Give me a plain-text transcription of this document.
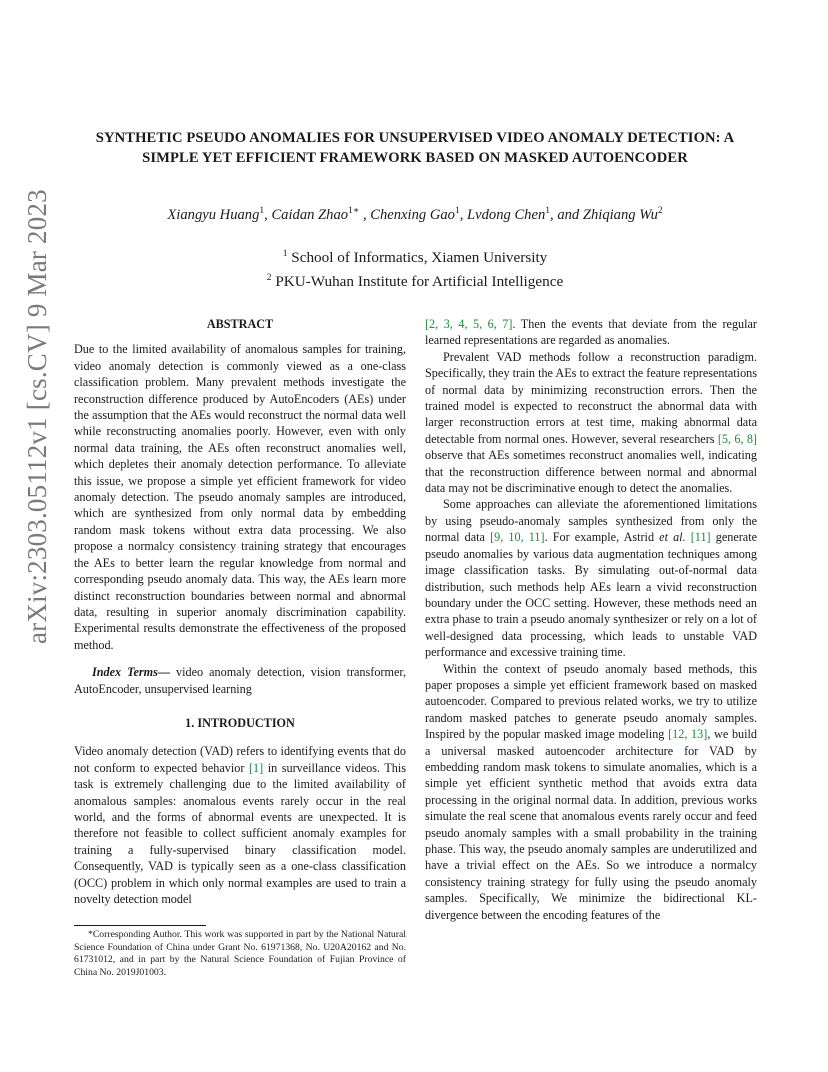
arXiv:2303.05112v1 [cs.CV] 9 Mar 2023
SYNTHETIC PSEUDO ANOMALIES FOR UNSUPERVISED VIDEO ANOMALY DETECTION: A SIMPLE YET EFFICIENT FRAMEWORK BASED ON MASKED AUTOENCODER
Xiangyu Huang$^1$, Caidan Zhao$^{1∗}$ , Chenxing Gao$^1$, Lvdong Chen$^1$, and Zhiqiang Wu$^2$
$^1$ School of Informatics, Xiamen University
$^2$ PKU-Wuhan Institute for Artificial Intelligence
ABSTRACT

Due to the limited availability of anomalous samples for training, video anomaly detection is commonly viewed as a one-class classification problem. Many prevalent methods investigate the reconstruction difference produced by AutoEncoders (AEs) under the assumption that the AEs would reconstruct the normal data well while reconstructing anomalies poorly. However, even with only normal data training, the AEs often reconstruct anomalies well, which depletes their anomaly detection performance. To alleviate this issue, we propose a simple yet efficient framework for video anomaly detection. The pseudo anomaly samples are introduced, which are synthesized from only normal data by embedding random mask tokens without extra data processing. We also propose a normalcy consistency training strategy that encourages the AEs to better learn the regular knowledge from normal and corresponding pseudo anomaly data. This way, the AEs learn more distinct reconstruction boundaries between normal and abnormal data, resulting in superior anomaly discrimination capability. Experimental results demonstrate the effectiveness of the proposed method.

Index Terms— video anomaly detection, vision transformer, AutoEncoder, unsupervised learning

1. INTRODUCTION

Video anomaly detection (VAD) refers to identifying events that do not conform to expected behavior [1] in surveillance videos. This task is extremely challenging due to the limited availability of anomalous samples: anomalous events rarely occur in the real world, and the forms of abnormal events are unexpected. It is therefore not feasible to collect sufficient anomaly examples for training a fully-supervised binary classification model. Consequently, VAD is typically seen as a one-class classification (OCC) problem in which only normal examples are used to train a novelty detection model

[2, 3, 4, 5, 6, 7]. Then the events that deviate from the regular learned representations are regarded as anomalies.

Prevalent VAD methods follow a reconstruction paradigm. Specifically, they train the AEs to extract the feature representations of normal data by minimizing reconstruction errors. Then the trained model is expected to reconstruct the abnormal data with larger reconstruction errors at test time, making abnormal data detectable from normal ones. However, several researchers [5, 6, 8] observe that AEs sometimes reconstruct anomalies well, indicating that the reconstruction difference between normal and abnormal data may not be discriminative enough to detect the anomalies.

Some approaches can alleviate the aforementioned limitations by using pseudo-anomaly samples synthesized from only the normal data [9, 10, 11]. For example, Astrid et al. [11] generate pseudo anomalies by various data augmentation techniques among image classification tasks. By simulating out-of-normal data distribution, such methods help AEs learn a vivid reconstruction boundary under the OCC setting. However, these methods need an extra phase to train a pseudo anomaly synthesizer or rely on a lot of well-designed data processing, which leads to unstable VAD performance and excessive training time.

Within the context of pseudo anomaly based methods, this paper proposes a simple yet efficient framework based on masked autoencoder. Compared to previous related works, we try to utilize random masked patches to generate pseudo anomaly samples. Inspired by the popular masked image modeling [12, 13], we build a universal masked autoencoder architecture for VAD by embedding random mask tokens to simulate anomalies, which is a simple yet efficient synthetic method that avoids extra data processing in the original normal data. In addition, previous works simulate the real scene that anomalous events rarely occur and feed pseudo anomaly samples with a small probability in the training phase. This way, the pseudo anomaly samples are underutilized and have a trivial effect on the AEs. So we introduce a normalcy consistency training strategy for fully using the pseudo anomaly samples. Specifically, We minimize the bidirectional KL-divergence between the encoding features of the

*Corresponding Author. This work was supported in part by the National Natural Science Foundation of China under Grant No. 61971368, No. U20A20162 and No. 61731012, and in part by the Natural Science Foundation of Fujian Province of China No. 2019J01003.
